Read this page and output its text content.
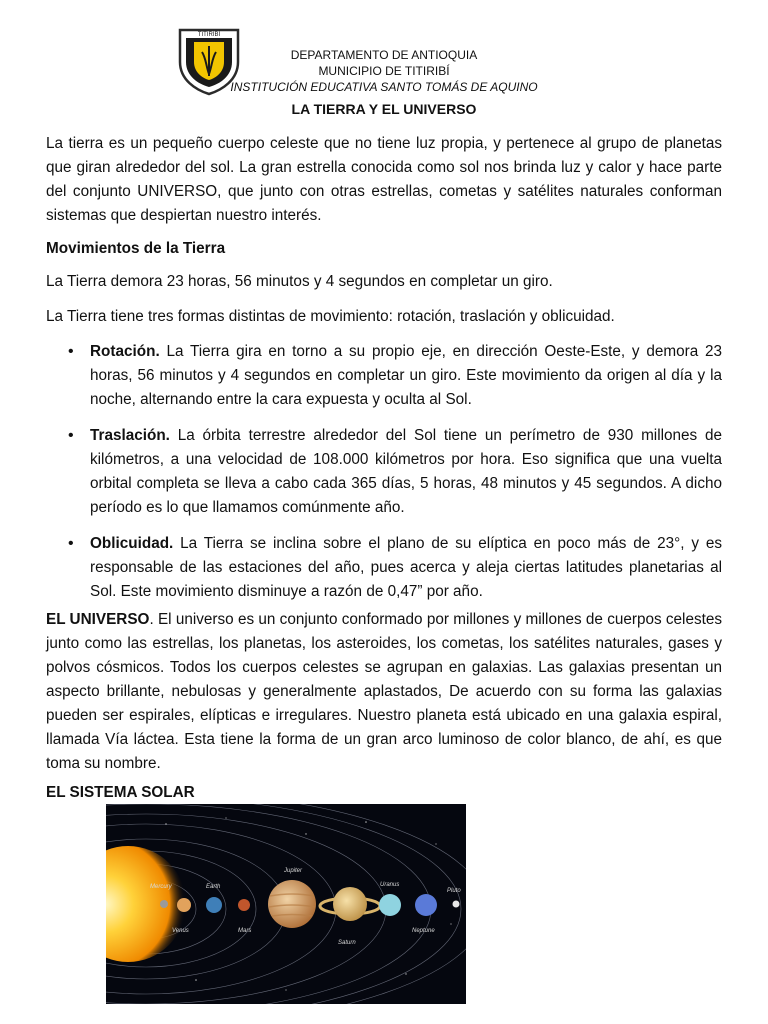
TITIRIBÍ
DEPARTAMENTO DE ANTIOQUIA
MUNICIPIO DE TITIRIBÍ
INSTITUCIÓN EDUCATIVA SANTO TOMÁS DE AQUINO
LA TIERRA Y EL UNIVERSO
La tierra es un pequeño cuerpo celeste que no tiene luz propia, y pertenece al grupo de planetas que giran alrededor del sol. La gran estrella conocida como sol nos brinda luz y calor y hace parte del conjunto UNIVERSO, que junto con otras estrellas, cometas y satélites naturales conforman sistemas que despiertan nuestro interés.
Movimientos de la Tierra
La Tierra demora 23 horas, 56 minutos y 4 segundos en completar un giro.
La Tierra tiene tres formas distintas de movimiento: rotación, traslación y oblicuidad.
• Rotación. La Tierra gira en torno a su propio eje, en dirección Oeste-Este, y demora 23 horas, 56 minutos y 4 segundos en completar un giro. Este movimiento da origen al día y la noche, alternando entre la cara expuesta y oculta al Sol.
• Traslación. La órbita terrestre alrededor del Sol tiene un perímetro de 930 millones de kilómetros, a una velocidad de 108.000 kilómetros por hora. Eso significa que una vuelta orbital completa se lleva a cabo cada 365 días, 5 horas, 48 minutos y 45 segundos. A dicho período es lo que llamamos comúnmente año.
• Oblicuidad. La Tierra se inclina sobre el plano de su elíptica en poco más de 23°, y es responsable de las estaciones del año, pues acerca y aleja ciertas latitudes planetarias al Sol. Este movimiento disminuye a razón de 0,47” por año.
EL UNIVERSO. El universo es un conjunto conformado por millones y millones de cuerpos celestes junto como las estrellas, los planetas, los asteroides, los cometas, los satélites naturales, gases y polvos cósmicos. Todos los cuerpos celestes se agrupan en galaxias. Las galaxias presentan un aspecto brillante, nebulosas y generalmente aplastados, De acuerdo con su forma las galaxias pueden ser espirales, elípticas e irregulares. Nuestro planeta está ubicado en una galaxia espiral, llamada Vía láctea. Esta tiene la forma de un gran arco luminoso de color blanco, de ahí, es que toma su nombre.
EL SISTEMA SOLAR
Mercury
Venus
Earth
Mars
Jupiter
Saturn
Uranus
Neptune
Pluto
